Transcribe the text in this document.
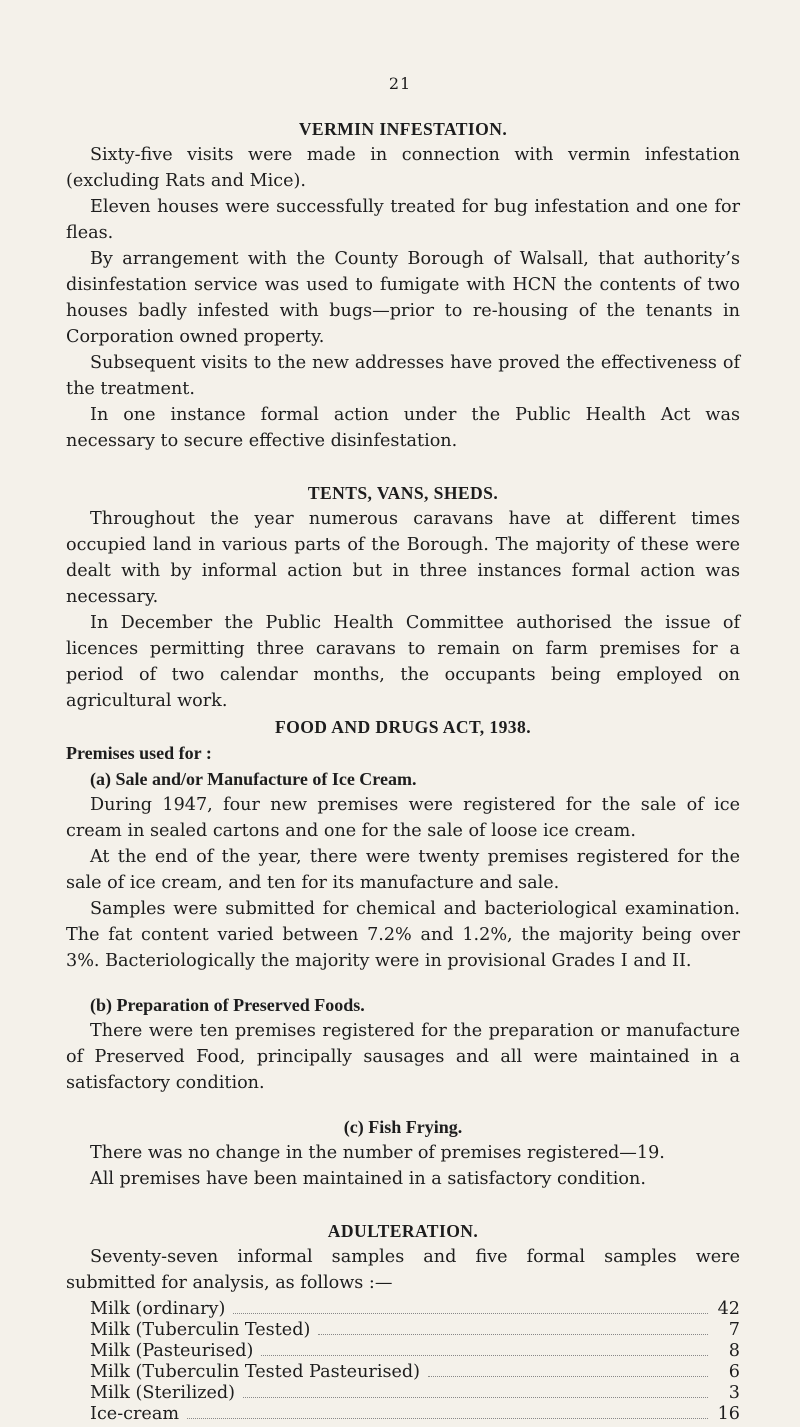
21
VERMIN INFESTATION.

Sixty-five visits were made in connection with vermin infestation (excluding Rats and Mice).

Eleven houses were successfully treated for bug infestation and one for fleas.

By arrangement with the County Borough of Walsall, that authority’s disinfestation service was used to fumigate with HCN the contents of two houses badly infested with bugs—prior to re-housing of the tenants in Corporation owned property.

Subsequent visits to the new addresses have proved the effectiveness of the treatment.

In one instance formal action under the Public Health Act was necessary to secure effective disinfestation.

TENTS, VANS, SHEDS.

Throughout the year numerous caravans have at different times occupied land in various parts of the Borough. The majority of these were dealt with by informal action but in three instances formal action was necessary.

In December the Public Health Committee authorised the issue of licences permitting three caravans to remain on farm premises for a period of two calendar months, the occupants being employed on agricultural work.

FOOD AND DRUGS ACT, 1938.
Premises used for :
(a) Sale and/or Manufacture of Ice Cream.

During 1947, four new premises were registered for the sale of ice cream in sealed cartons and one for the sale of loose ice cream.

At the end of the year, there were twenty premises registered for the sale of ice cream, and ten for its manufacture and sale.

Samples were submitted for chemical and bacteriological examination. The fat content varied between 7.2% and 1.2%, the majority being over 3%. Bacteriologically the majority were in provisional Grades I and II.

(b) Preparation of Preserved Foods.

There were ten premises registered for the preparation or manufacture of Preserved Food, principally sausages and all were maintained in a satisfactory condition.

(c) Fish Frying.

There was no change in the number of premises registered—19.

All premises have been maintained in a satisfactory condition.

ADULTERATION.

Seventy-seven informal samples and five formal samples were submitted for analysis, as follows :—

Milk (ordinary)	42
Milk (Tuberculin Tested)	7
Milk (Pasteurised)	8
Milk (Tuberculin Tested Pasteurised)	6
Milk (Sterilized)	3
Ice-cream	16
